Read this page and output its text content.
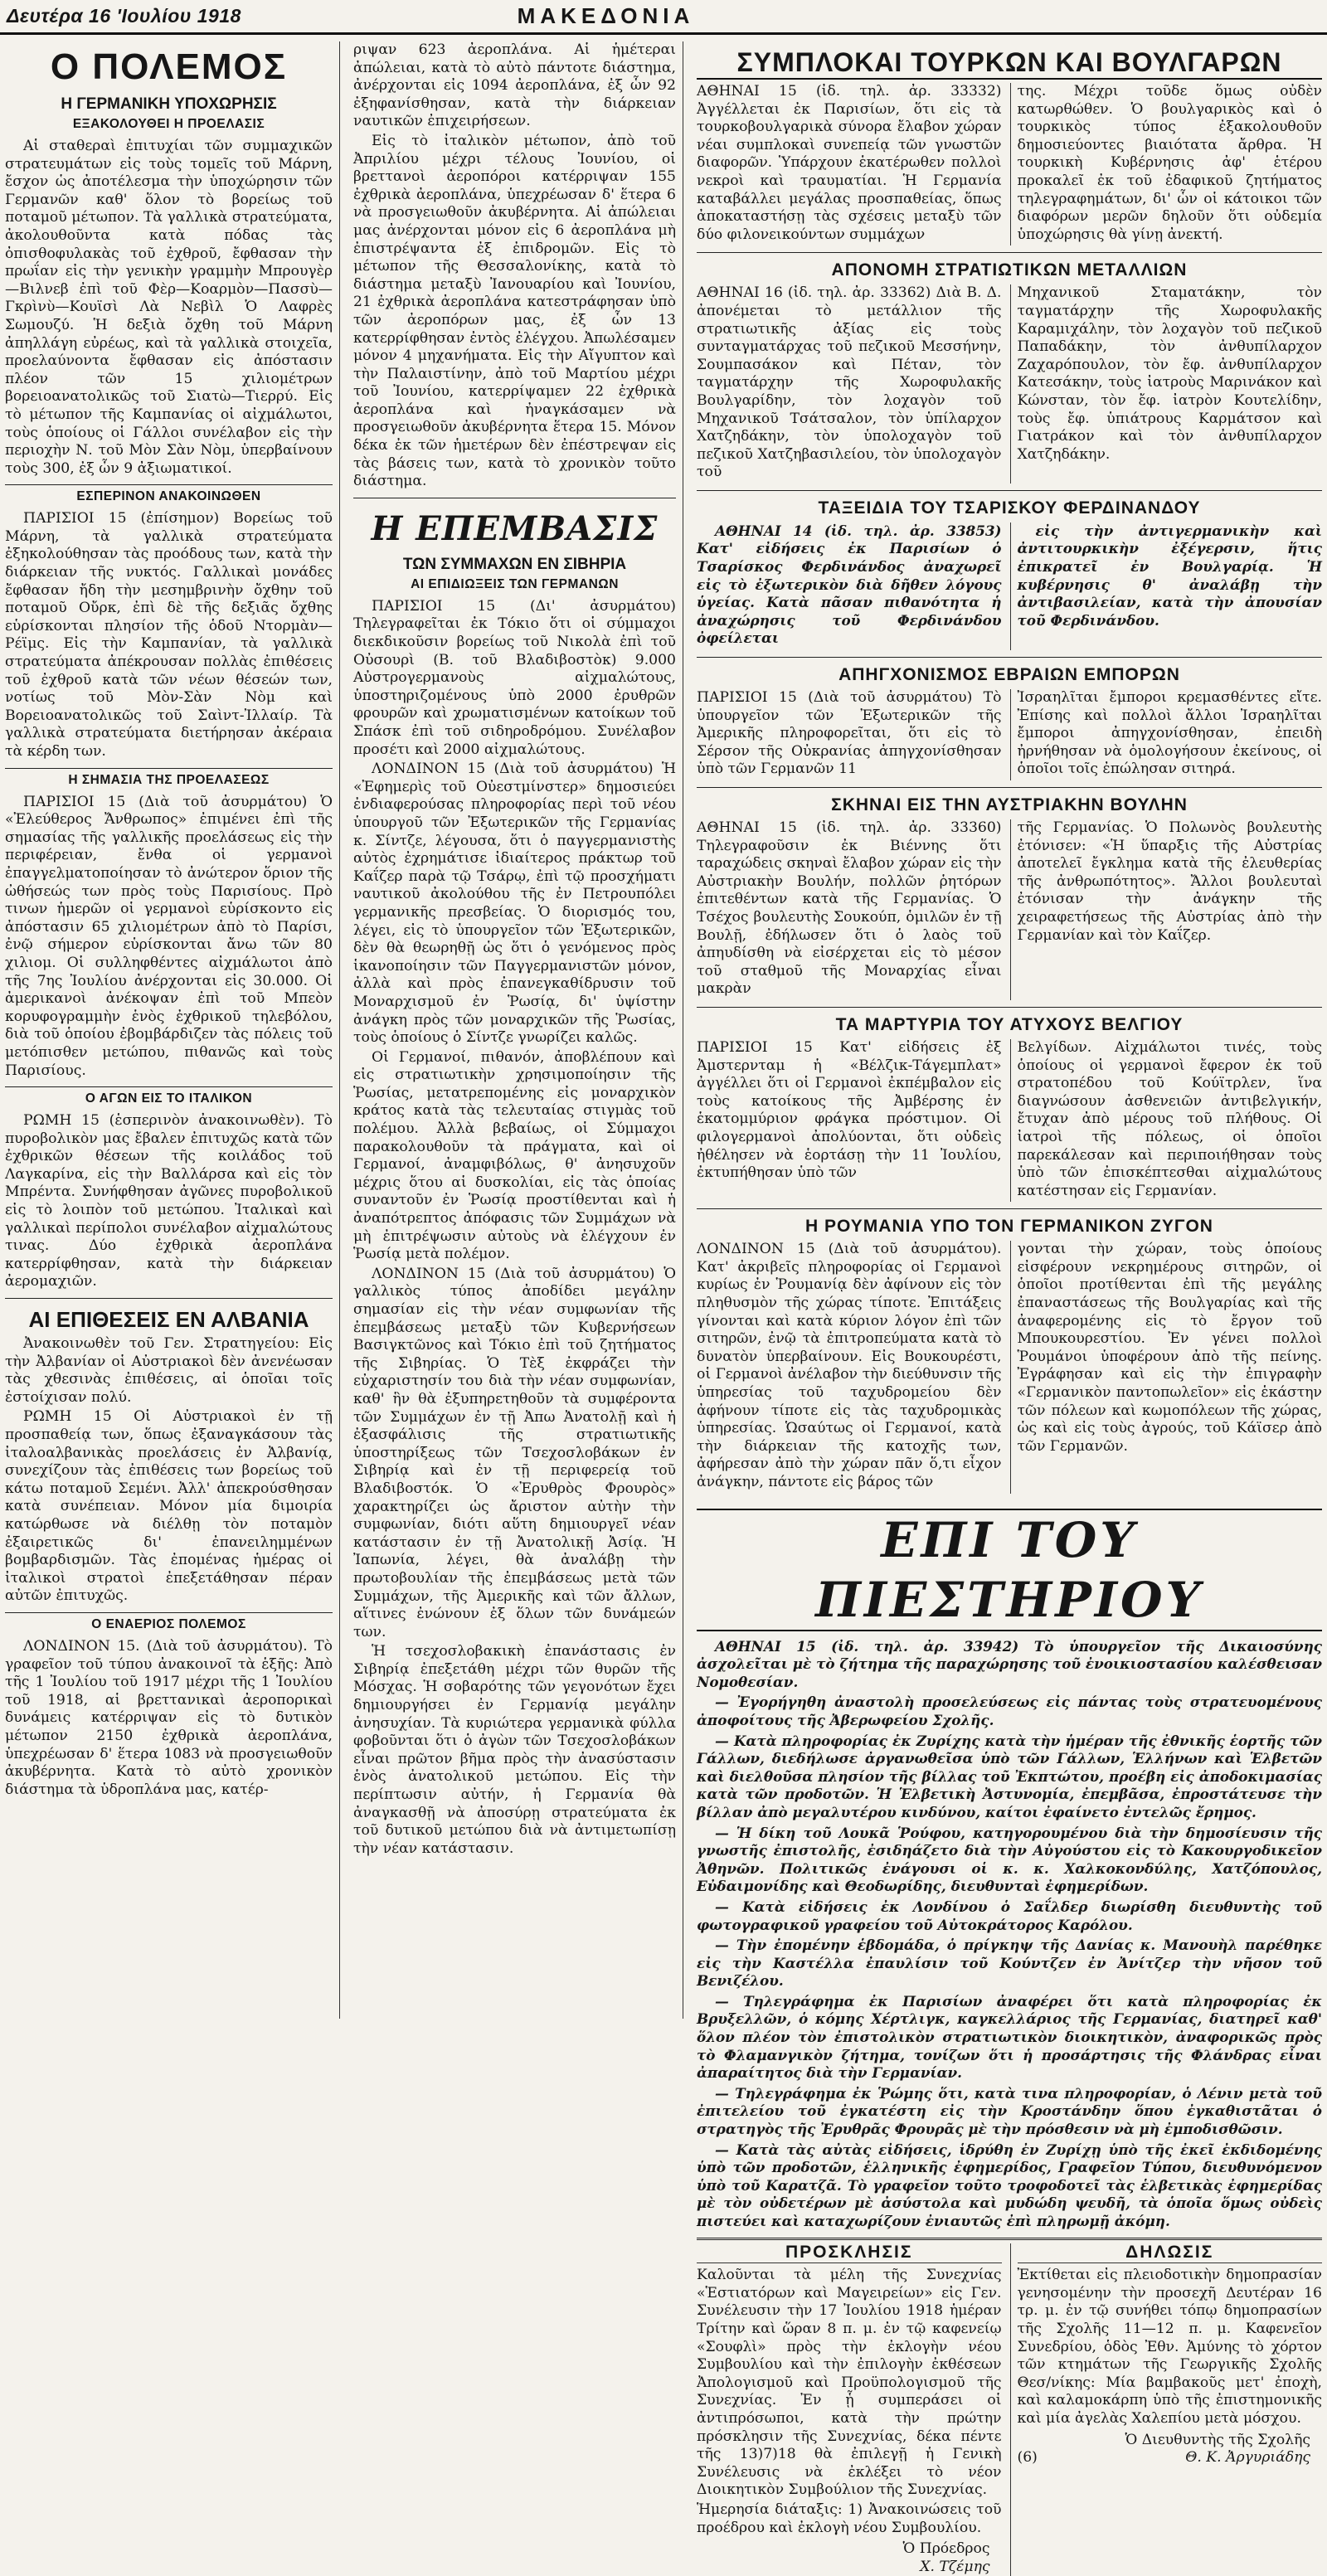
Δευτέρα 16 'Ιουλίου 1918	ΜΑΚΕΔΟΝΙΑ
Ο ΠΟΛΕΜΟΣ
Η ΓΕΡΜΑΝΙΚΗ ΥΠΟΧΩΡΗΣΙΣ
ΕΞΑΚΟΛΟΥΘΕΙ Η ΠΡΟΕΛΑΣΙΣ

Αἱ σταθεραὶ ἐπιτυχίαι τῶν συμμαχικῶν στρατευμάτων εἰς τοὺς τομεῖς τοῦ Μάρνη, ἔσχον ὡς ἀποτέλεσμα τὴν ὑποχώρησιν τῶν Γερμανῶν καθ' ὅλον τὸ βορείως τοῦ ποταμοῦ μέτωπον. Τὰ γαλλικὰ στρατεύματα, ἀκολουθοῦντα κατὰ πόδας τὰς ὀπισθοφυλακὰς τοῦ ἐχθροῦ, ἔφθασαν τὴν πρωΐαν εἰς τὴν γενικὴν γραμμὴν Μπρουγὲρ—Βιλνεβ ἐπὶ τοῦ Φὲρ—Κοαρμὸν—Πασσὺ—Γκρὶνὺ—Κουϊσὶ Λὰ Νεβὶλ Ὁ Λαφρὲς Σωμουζύ. Ἡ δεξιὰ ὄχθη τοῦ Μάρνη ἀπηλλάγη εὐρέως, καὶ τὰ γαλλικὰ στοιχεῖα, προελαύνοντα ἔφθασαν εἰς ἀπόστασιν πλέον τῶν 15 χιλιομέτρων βορειοανατολικῶς τοῦ Σιατὼ—Τιερρύ. Εἰς τὸ μέτωπον τῆς Καμπανίας οἱ αἰχμάλωτοι, τοὺς ὁποίους οἱ Γάλλοι συνέλαβον εἰς τὴν περιοχὴν Ν. τοῦ Μὸν Σὰν Νὸμ, ὑπερβαίνουν τοὺς 300, ἐξ ὧν 9 ἀξιωματικοί.

ΕΣΠΕΡΙΝΟΝ ΑΝΑΚΟΙΝΩΘΕΝ

ΠΑΡΙΣΙΟΙ 15 (ἐπίσημον) Βορείως τοῦ Μάρνη, τὰ γαλλικὰ στρατεύματα ἐξηκολούθησαν τὰς προόδους των, κατὰ τὴν διάρκειαν τῆς νυκτός. Γαλλικαὶ μονάδες ἔφθασαν ἤδη τὴν μεσημβρινὴν ὄχθην τοῦ ποταμοῦ Οὔρκ, ἐπὶ δὲ τῆς δεξιᾶς ὄχθης εὑρίσκονται πλησίον τῆς ὁδοῦ Ντορμὰν—Ρέϊμς. Εἰς τὴν Καμπανίαν, τὰ γαλλικὰ στρατεύματα ἀπέκρουσαν πολλὰς ἐπιθέσεις τοῦ ἐχθροῦ κατὰ τῶν νέων θέσεών των, νοτίως τοῦ Μὸν-Σὰν Νὸμ καὶ Βορειοανατολικῶς τοῦ Σαὶντ-Ἰλλαίρ. Τὰ γαλλικὰ στρατεύματα διετήρησαν ἀκέραια τὰ κέρδη των.

Η ΣΗΜΑΣΙΑ ΤΗΣ ΠΡΟΕΛΑΣΕΩΣ

ΠΑΡΙΣΙΟΙ 15 (Διὰ τοῦ ἀσυρμάτου) Ὁ «Ἐλεύθερος Ἄνθρωπος» ἐπιμένει ἐπὶ τῆς σημασίας τῆς γαλλικῆς προελάσεως εἰς τὴν περιφέρειαν, ἔνθα οἱ γερμανοὶ ἐπαγγελματοποίησαν τὸ ἀνώτερον ὅριον τῆς ὠθήσεώς των πρὸς τοὺς Παρισίους. Πρὸ τινων ἡμερῶν οἱ γερμανοὶ εὑρίσκοντο εἰς ἀπόστασιν 65 χιλιομέτρων ἀπὸ τὸ Παρίσι, ἐνῷ σήμερον εὑρίσκονται ἄνω τῶν 80 χιλιομ. Οἱ συλληφθέντες αἰχμάλωτοι ἀπὸ τῆς 7ης Ἰουλίου ἀνέρχονται εἰς 30.000. Οἱ ἀμερικανοὶ ἀνέκοψαν ἐπὶ τοῦ Μπεὸν κορυφογραμμὴν ἑνὸς ἐχθρικοῦ τηλεβόλου, διὰ τοῦ ὁποίου ἐβομβάρδιζεν τὰς πόλεις τοῦ μετόπισθεν μετώπου, πιθανῶς καὶ τοὺς Παρισίους.

Ο ΑΓΩΝ ΕΙΣ ΤΟ ΙΤΑΛΙΚΟΝ

ΡΩΜΗ 15 (ἑσπερινὸν ἀνακοινωθὲν). Τὸ πυροβολικὸν μας ἔβαλεν ἐπιτυχῶς κατὰ τῶν ἐχθρικῶν θέσεων τῆς κοιλάδος τοῦ Λαγκαρίνα, εἰς τὴν Βαλλάρσα καὶ εἰς τὸν Μπρέντα. Συνήφθησαν ἀγῶνες πυροβολικοῦ εἰς τὸ λοιπὸν τοῦ μετώπου. Ἰταλικαὶ καὶ γαλλικαὶ περίπολοι συνέλαβον αἰχμαλώτους τινας. Δύο ἐχθρικὰ ἀεροπλάνα κατερρίφθησαν, κατὰ τὴν διάρκειαν ἀερομαχιῶν.

ΑΙ ΕΠΙΘΕΣΕΙΣ ΕΝ ΑΛΒΑΝΙΑ

Ἀνακοινωθὲν τοῦ Γεν. Στρατηγείου: Εἰς τὴν Ἀλβανίαν οἱ Αὐστριακοὶ δὲν ἀνενέωσαν τὰς χθεσινὰς ἐπιθέσεις, αἱ ὁποῖαι τοῖς ἐστοίχισαν πολύ.

ΡΩΜΗ 15 Οἱ Αὐστριακοὶ ἐν τῇ προσπαθείᾳ των, ὅπως ἐξαναγκάσουν τὰς ἰταλοαλβανικὰς προελάσεις ἐν Ἀλβανίᾳ, συνεχίζουν τὰς ἐπιθέσεις των βορείως τοῦ κάτω ποταμοῦ Σεμένι. Ἀλλ' ἀπεκρούσθησαν κατὰ συνέπειαν. Μόνον μία διμοιρία κατώρθωσε νὰ διέλθῃ τὸν ποταμὸν ἐξαιρετικῶς δι' ἐπανειλημμένων βομβαρδισμῶν. Τὰς ἐπομένας ἡμέρας οἱ ἰταλικοὶ στρατοὶ ἐπεξετάθησαν πέραν αὐτῶν ἐπιτυχῶς.

Ο ΕΝΑΕΡΙΟΣ ΠΟΛΕΜΟΣ

ΛΟΝΔΙΝΟΝ 15. (Διὰ τοῦ ἀσυρμάτου). Τὸ γραφεῖον τοῦ τύπου ἀνακοινοῖ τὰ ἑξῆς: Ἀπὸ τῆς 1 Ἰουλίου τοῦ 1917 μέχρι τῆς 1 Ἰουλίου τοῦ 1918, αἱ βρεττανικαὶ ἀεροπορικαὶ δυνάμεις κατέρριψαν εἰς τὸ δυτικὸν μέτωπον 2150 ἐχθρικὰ ἀεροπλάνα, ὑπεχρέωσαν δ' ἕτερα 1083 νὰ προσγειωθοῦν ἀκυβέρνητα. Κατὰ τὸ αὐτὸ χρονικὸν διάστημα τὰ ὑδροπλάνα μας, κατέρ-

ριψαν 623 ἀεροπλάνα. Αἱ ἡμέτεραι ἀπώλειαι, κατὰ τὸ αὐτὸ πάντοτε διάστημα, ἀνέρχονται εἰς 1094 ἀεροπλάνα, ἐξ ὧν 92 ἐξηφανίσθησαν, κατὰ τὴν διάρκειαν ναυτικῶν ἐπιχειρήσεων.

Εἰς τὸ ἰταλικὸν μέτωπον, ἀπὸ τοῦ Ἀπριλίου μέχρι τέλους Ἰουνίου, οἱ βρεττανοὶ ἀεροπόροι κατέρριψαν 155 ἐχθρικὰ ἀεροπλάνα, ὑπεχρέωσαν δ' ἕτερα 6 νὰ προσγειωθοῦν ἀκυβέρνητα. Αἱ ἀπώλειαι μας ἀνέρχονται μόνον εἰς 6 ἀεροπλάνα μὴ ἐπιστρέψαντα ἐξ ἐπιδρομῶν. Εἰς τὸ μέτωπον τῆς Θεσσαλονίκης, κατὰ τὸ διάστημα μεταξὺ Ἰανουαρίου καὶ Ἰουνίου, 21 ἐχθρικὰ ἀεροπλάνα κατεστράφησαν ὑπὸ τῶν ἀεροπόρων μας, ἐξ ὧν 13 κατερρίφθησαν ἐντὸς ἐλέγχου. Ἀπωλέσαμεν μόνον 4 μηχανήματα. Εἰς τὴν Αἴγυπτον καὶ τὴν Παλαιστίνην, ἀπὸ τοῦ Μαρτίου μέχρι τοῦ Ἰουνίου, κατερρίψαμεν 22 ἐχθρικὰ ἀεροπλάνα καὶ ἠναγκάσαμεν νὰ προσγειωθοῦν ἀκυβέρνητα ἕτερα 15. Μόνον δέκα ἐκ τῶν ἡμετέρων δὲν ἐπέστρεψαν εἰς τὰς βάσεις των, κατὰ τὸ χρονικὸν τοῦτο διάστημα.

Η ΕΠΕΜΒΑΣΙΣ
ΤΩΝ ΣΥΜΜΑΧΩΝ ΕΝ ΣΙΒΗΡΙΑ
ΑΙ ΕΠΙΔΙΩΞΕΙΣ ΤΩΝ ΓΕΡΜΑΝΩΝ

ΠΑΡΙΣΙΟΙ 15 (Δι' ἀσυρμάτου) Τηλεγραφεῖται ἐκ Τόκιο ὅτι οἱ σύμμαχοι διεκδικοῦσιν βορείως τοῦ Νικολὰ ἐπὶ τοῦ Οὐσουρὶ (Β. τοῦ Βλαδιβοστὸκ) 9.000 Αὐστρογερμανοὺς αἰχμαλώτους, ὑποστηριζομένους ὑπὸ 2000 ἐρυθρῶν φρουρῶν καὶ χρωματισμένων κατοίκων τοῦ Σπάσκ ἐπὶ τοῦ σιδηροδρόμου. Συνέλαβον προσέτι καὶ 2000 αἰχμαλώτους.

ΛΟΝΔΙΝΟΝ 15 (Διὰ τοῦ ἀσυρμάτου) Ἡ «Ἐφημερὶς τοῦ Οὐεστμίνστερ» δημοσιεύει ἐνδιαφερούσας πληροφορίας περὶ τοῦ νέου ὑπουργοῦ τῶν Ἐξωτερικῶν τῆς Γερμανίας κ. Σίντζε, λέγουσα, ὅτι ὁ παγγερμανιστὴς αὐτὸς ἐχρημάτισε ἰδιαίτερος πράκτωρ τοῦ Καΐζερ παρὰ τῷ Τσάρῳ, ἐπὶ τῷ προσχήματι ναυτικοῦ ἀκολούθου τῆς ἐν Πετρουπόλει γερμανικῆς πρεσβείας. Ὁ διορισμός του, λέγει, εἰς τὸ ὑπουργεῖον τῶν Ἐξωτερικῶν, δὲν θὰ θεωρηθῇ ὡς ὅτι ὁ γενόμενος πρὸς ἱκανοποίησιν τῶν Παγγερμανιστῶν μόνον, ἀλλὰ καὶ πρὸς ἐπανεγκαθίδρυσιν τοῦ Μοναρχισμοῦ ἐν Ῥωσίᾳ, δι' ὑψίστην ἀνάγκη πρὸς τῶν μοναρχικῶν τῆς Ῥωσίας, τοὺς ὁποίους ὁ Σίντζε γνωρίζει καλῶς.

Οἱ Γερμανοί, πιθανόν, ἀποβλέπουν καὶ εἰς στρατιωτικὴν χρησιμοποίησιν τῆς Ῥωσίας, μετατρεπομένης εἰς μοναρχικὸν κράτος κατὰ τὰς τελευταίας στιγμὰς τοῦ πολέμου. Ἀλλὰ βεβαίως, οἱ Σύμμαχοι παρακολουθοῦν τὰ πράγματα, καὶ οἱ Γερμανοί, ἀναμφιβόλως, θ' ἀνησυχοῦν μέχρις ὅτου αἱ δυσκολίαι, εἰς τὰς ὁποίας συναντοῦν ἐν Ῥωσίᾳ προστίθενται καὶ ἡ ἀναπότρεπτος ἀπόφασις τῶν Συμμάχων νὰ μὴ ἐπιτρέψωσιν αὐτοὺς νὰ ἐλέγχουν ἐν Ῥωσίᾳ μετὰ πολέμον.

ΛΟΝΔΙΝΟΝ 15 (Διὰ τοῦ ἀσυρμάτου) Ὁ γαλλικὸς τύπος ἀποδίδει μεγάλην σημασίαν εἰς τὴν νέαν συμφωνίαν τῆς ἐπεμβάσεως μεταξὺ τῶν Κυβερνήσεων Βασιγκτῶνος καὶ Τόκιο ἐπὶ τοῦ ζητήματος τῆς Σιβηρίας. Ὁ Τὲξ ἐκφράζει τὴν εὐχαριστησίν του διὰ τὴν νέαν συμφωνίαν, καθ' ἣν θὰ ἐξυπηρετηθοῦν τὰ συμφέροντα τῶν Συμμάχων ἐν τῇ Ἀπω Ἀνατολῇ καὶ ἡ ἐξασφάλισις τῆς στρατιωτικῆς ὑποστηρίξεως τῶν Τσεχοσλοβάκων ἐν Σιβηρίᾳ καὶ ἐν τῇ περιφερείᾳ τοῦ Βλαδιβοστόκ. Ὁ «Ἐρυθρὸς Φρουρὸς» χαρακτηρίζει ὡς ἄριστον αὐτὴν τὴν συμφωνίαν, διότι αὕτη δημιουργεῖ νέαν κατάστασιν ἐν τῇ Ἀνατολικῇ Ἀσίᾳ. Ἡ Ἰαπωνία, λέγει, θὰ ἀναλάβῃ τὴν πρωτοβουλίαν τῆς ἐπεμβάσεως μετὰ τῶν Συμμάχων, τῆς Ἀμερικῆς καὶ τῶν ἄλλων, αἵτινες ἐνώνουν ἐξ ὅλων τῶν δυνάμεών των.

Ἡ τσεχοσλοβακικὴ ἐπανάστασις ἐν Σιβηρίᾳ ἐπεξετάθη μέχρι τῶν θυρῶν τῆς Μόσχας. Ἡ σοβαρότης τῶν γεγονότων ἔχει δημιουργήσει ἐν Γερμανίᾳ μεγάλην ἀνησυχίαν. Τὰ κυριώτερα γερμανικὰ φύλλα φοβοῦνται ὅτι ὁ ἀγὼν τῶν Τσεχοσλοβάκων εἶναι πρῶτον βῆμα πρὸς τὴν ἀνασύστασιν ἑνὸς ἀνατολικοῦ μετώπου. Εἰς τὴν περίπτωσιν αὐτήν, ἡ Γερμανία θὰ ἀναγκασθῇ νὰ ἀποσύρῃ στρατεύματα ἐκ τοῦ δυτικοῦ μετώπου διὰ νὰ ἀντιμετωπίσῃ τὴν νέαν κατάστασιν.

ΣΥΜΠΛΟΚΑΙ ΤΟΥΡΚΩΝ ΚΑΙ ΒΟΥΛΓΑΡΩΝ

ΑΘΗΝΑΙ 15 (ἰδ. τηλ. ἀρ. 33332) Ἀγγέλλεται ἐκ Παρισίων, ὅτι εἰς τὰ τουρκοβουλγαρικὰ σύνορα ἔλαβον χώραν νέαι συμπλοκαὶ συνεπείᾳ τῶν γνωστῶν διαφορῶν. Ὑπάρχουν ἑκατέρωθεν πολλοὶ νεκροὶ καὶ τραυματίαι. Ἡ Γερμανία καταβάλλει μεγάλας προσπαθείας, ὅπως ἀποκαταστήσῃ τὰς σχέσεις μεταξὺ τῶν δύο φιλονεικούντων συμμάχων

της. Μέχρι τοῦδε ὅμως οὐδὲν κατωρθώθεν. Ὁ βουλγαρικὸς καὶ ὁ τουρκικὸς τύπος ἐξακολουθοῦν δημοσιεύοντες βιαιότατα ἄρθρα. Ἡ τουρκικὴ Κυβέρνησις ἀφ' ἑτέρου προκαλεῖ ἐκ τοῦ ἐδαφικοῦ ζητήματος τηλεγραφημάτων, δι' ὧν οἱ κάτοικοι τῶν διαφόρων μερῶν δηλοῦν ὅτι οὐδεμία ὑποχώρησις θὰ γίνῃ ἀνεκτή.

ΑΠΟΝΟΜΗ ΣΤΡΑΤΙΩΤΙΚΩΝ ΜΕΤΑΛΛΙΩΝ

ΑΘΗΝΑΙ 16 (ἰδ. τηλ. ἀρ. 33362) Διὰ Β. Δ. ἀπονέμεται τὸ μετάλλιον τῆς στρατιωτικῆς ἀξίας εἰς τοὺς συνταγματάρχας τοῦ πεζικοῦ Μεσσήνην, Σουμπασάκον καὶ Πέταν, τὸν ταγματάρχην τῆς Χωροφυλακῆς Βουλγαρίδην, τὸν λοχαγὸν τοῦ Μηχανικοῦ Τσάτσαλον, τὸν ὑπίλαρχον Χατζηδάκην, τὸν ὑπολοχαγὸν τοῦ πεζικοῦ Χατζηβασιλείου, τὸν ὑπολοχαγὸν τοῦ

Μηχανικοῦ Σταματάκην, τὸν ταγματάρχην τῆς Χωροφυλακῆς Καραμιχάλην, τὸν λοχαγὸν τοῦ πεζικοῦ Παπαδάκην, τὸν ἀνθυπίλαρχον Ζαχαρόπουλον, τὸν ἔφ. ἀνθυπίλαρχον Κατεσάκην, τοὺς ἰατροὺς Μαρινάκον καὶ Κώνσταν, τὸν ἔφ. ἰατρὸν Κουτελίδην, τοὺς ἔφ. ὑπιάτρους Καρμάτσον καὶ Γιατράκον καὶ τὸν ἀνθυπίλαρχον Χατζηδάκην.

ΤΑΞΕΙΔΙΑ ΤΟΥ ΤΣΑΡΙΣΚΟΥ ΦΕΡΔΙΝΑΝΔΟΥ

ΑΘΗΝΑΙ 14 (ἰδ. τηλ. ἀρ. 33853) Κατ' εἰδήσεις ἐκ Παρισίων ὁ Τσαρίσκος Φερδινάνδος ἀναχωρεῖ εἰς τὸ ἐξωτερικὸν διὰ δῆθεν λόγους ὑγείας. Κατὰ πᾶσαν πιθανότητα ἡ ἀναχώρησις τοῦ Φερδινάνδου ὀφείλεται

εἰς τὴν ἀντιγερμανικὴν καὶ ἀντιτουρκικὴν ἐξέγερσιν, ἥτις ἐπικρατεῖ ἐν Βουλγαρίᾳ. Ἡ κυβέρνησις θ' ἀναλάβῃ τὴν ἀντιβασιλείαν, κατὰ τὴν ἀπουσίαν τοῦ Φερδινάνδου.

ΑΠΗΓΧΟΝΙΣΜΟΣ ΕΒΡΑΙΩΝ ΕΜΠΟΡΩΝ

ΠΑΡΙΣΙΟΙ 15 (Διὰ τοῦ ἀσυρμάτου) Τὸ ὑπουργεῖον τῶν Ἐξωτερικῶν τῆς Ἀμερικῆς πληροφορεῖται, ὅτι εἰς τὸ Σέρσον τῆς Οὐκρανίας ἀπηγχονίσθησαν ὑπὸ τῶν Γερμανῶν 11

Ἰσραηλῖται ἔμποροι κρεμασθέντες εἴτε. Ἐπίσης καὶ πολλοὶ ἄλλοι Ἰσραηλῖται ἔμποροι ἀπηγχονίσθησαν, ἐπειδὴ ἠρνήθησαν νὰ ὁμολογήσουν ἐκείνους, οἱ ὁποῖοι τοῖς ἐπώλησαν σιτηρά.

ΣΚΗΝΑΙ ΕΙΣ ΤΗΝ ΑΥΣΤΡΙΑΚΗΝ ΒΟΥΛΗΝ

ΑΘΗΝΑΙ 15 (ἰδ. τηλ. ἀρ. 33360) Τηλεγραφοῦσιν ἐκ Βιέννης ὅτι ταραχώδεις σκηναὶ ἔλαβον χώραν εἰς τὴν Αὐστριακὴν Βουλήν, πολλῶν ῥητόρων ἐπιτεθέντων κατὰ τῆς Γερμανίας. Ὁ Τσέχος βουλευτὴς Σουκούπ, ὁμιλῶν ἐν τῇ Βουλῇ, ἐδήλωσεν ὅτι ὁ λαὸς τοῦ ἀπηυδίσθη νὰ εἰσέρχεται εἰς τὸ μέσον τοῦ σταθμοῦ τῆς Μοναρχίας εἶναι μακρὰν

τῆς Γερμανίας. Ὁ Πολωνὸς βουλευτὴς ἐτόνισεν: «Ἡ ὕπαρξις τῆς Αὐστρίας ἀποτελεῖ ἔγκλημα κατὰ τῆς ἐλευθερίας τῆς ἀνθρωπότητος». Ἄλλοι βουλευταὶ ἐτόνισαν τὴν ἀνάγκην τῆς χειραφετήσεως τῆς Αὐστρίας ἀπὸ τὴν Γερμανίαν καὶ τὸν Καΐζερ.

ΤΑ ΜΑΡΤΥΡΙΑ ΤΟΥ ΑΤΥΧΟΥΣ ΒΕΛΓΙΟΥ

ΠΑΡΙΣΙΟΙ 15 Κατ' εἰδήσεις ἐξ Ἀμστερνταμ ἡ «Βέλζικ-Τάγεμπλατ» ἀγγέλλει ὅτι οἱ Γερμανοὶ ἐκπέμβαλον εἰς τοὺς κατοίκους τῆς Ἀμβέρσης ἐν ἑκατομμύριον φράγκα πρόστιμον. Οἱ φιλογερμανοὶ ἀπολύονται, ὅτι οὐδεὶς ἠθέλησεν νὰ ἑορτάσῃ τὴν 11 Ἰουλίου, ἐκτυπήθησαν ὑπὸ τῶν

Βελγίδων. Αἰχμάλωτοι τινές, τοὺς ὁποίους οἱ γερμανοὶ ἔφερον ἐκ τοῦ στρατοπέδου τοῦ Κούϊτρλεν, ἵνα διαγνώσουν ἀσθενειῶν ἀντιβελγικήν, ἔτυχαν ἀπὸ μέρους τοῦ πλήθους. Οἱ ἰατροὶ τῆς πόλεως, οἱ ὁποῖοι παρεκάλεσαν καὶ περιποιήθησαν τοὺς ὑπὸ τῶν ἐπισκέπτεσθαι αἰχμαλώτους κατέστησαν εἰς Γερμανίαν.

Η ΡΟΥΜΑΝΙΑ ΥΠΟ ΤΟΝ ΓΕΡΜΑΝΙΚΟΝ ΖΥΓΟΝ

ΛΟΝΔΙΝΟΝ 15 (Διὰ τοῦ ἀσυρμάτου). Κατ' ἀκριβεῖς πληροφορίας οἱ Γερμανοὶ κυρίως ἐν Ῥουμανίᾳ δὲν ἀφίνουν εἰς τὸν πληθυσμὸν τῆς χώρας τίποτε. Ἐπιτάξεις γίνονται καὶ κατὰ κύριον λόγον ἐπὶ τῶν σιτηρῶν, ἐνῷ τὰ ἐπιτροπεύματα κατὰ τὸ δυνατὸν ὑπερβαίνουν. Εἰς Βουκουρέστι, οἱ Γερμανοὶ ἀνέλαβον τὴν διεύθυνσιν τῆς ὑπηρεσίας τοῦ ταχυδρομείου δὲν ἀφήνουν τίποτε εἰς τὰς ταχυδρομικὰς ὑπηρεσίας. Ὡσαύτως οἱ Γερμανοί, κατὰ τὴν διάρκειαν τῆς κατοχῆς των, ἀφήρεσαν ἀπὸ τὴν χώραν πᾶν ὅ,τι εἶχον ἀνάγκην, πάντοτε εἰς βάρος τῶν

γονται τὴν χώραν, τοὺς ὁποίους εἰσφέρουν νεκρημέρους σιτηρῶν, οἱ ὁποῖοι προτίθενται ἐπὶ τῆς μεγάλης ἐπαναστάσεως τῆς Βουλγαρίας καὶ τῆς ἀναφερομένης εἰς τὸ ἔργον τοῦ Μπουκουρεστίου. Ἐν γένει πολλοὶ Ῥουμάνοι ὑποφέρουν ἀπὸ τῆς πείνης. Ἐγράφησαν καὶ εἰς τὴν ἐπιγραφὴν «Γερμανικὸν παντοπωλεῖον» εἰς ἑκάστην τῶν πόλεων καὶ κωμοπόλεων τῆς χώρας, ὡς καὶ εἰς τοὺς ἀγρούς, τοῦ Κάϊσερ ἀπὸ τῶν Γερμανῶν.

ΕΠΙ ΤΟΥ ΠΙΕΣΤΗΡΙΟΥ

ΑΘΗΝΑΙ 15 (ἰδ. τηλ. ἀρ. 33942) Τὸ ὑπουργεῖον τῆς Δικαιοσύνης ἀσχολεῖται μὲ τὸ ζήτημα τῆς παραχώρησης τοῦ ἐνοικιοστασίου καλέσθεισαν Νομοθεσίαν.

— Ἐγορήγηθη ἀναστολὴ προσελεύσεως εἰς πάντας τοὺς στρατευομένους ἀποφοίτους τῆς Ἀβερωφείου Σχολῆς.

— Κατὰ πληροφορίας ἐκ Ζυρίχης κατὰ τὴν ἡμέραν τῆς ἐθνικῆς ἑορτῆς τῶν Γάλλων, διεδήλωσε ἀργανωθεῖσα ὑπὸ τῶν Γάλλων, Ἑλλήνων καὶ Ἑλβετῶν καὶ διελθοῦσα πλησίον τῆς βίλλας τοῦ Ἐκπτώτου, προέβη εἰς ἀποδοκιμασίας κατὰ τῶν προδοτῶν. Ἡ Ἑλβετικὴ Ἀστυνομία, ἐπεμβᾶσα, ἐπροστάτευσε τὴν βίλλαν ἀπὸ μεγαλυτέρου κινδύνου, καίτοι ἐφαίνετο ἐντελῶς ἔρημος.

— Ἡ δίκη τοῦ Λουκᾶ Ῥούφου, κατηγορουμένου διὰ τὴν δημοσίευσιν τῆς γνωστῆς ἐπιστολῆς, ἐσιδηάζετο διὰ τὴν Αὐγούστου εἰς τὸ Κακουργοδικεῖον Ἀθηνῶν. Πολιτικῶς ἐνάγουσι οἱ κ. κ. Χαλκοκονδύλης, Χατζόπουλος, Εὐδαιμονίδης καὶ Θεοδωρίδης, διευθυνταὶ ἐφημερίδων.

— Κατὰ εἰδήσεις ἐκ Λονδίνου ὁ Σαΐλδερ διωρίσθη διευθυντὴς τοῦ φωτογραφικοῦ γραφείου τοῦ Αὐτοκράτορος Καρόλου.

— Τὴν ἐπομένην ἑβδομάδα, ὁ πρίγκηψ τῆς Δανίας κ. Μανουὴλ παρέθηκε εἰς τὴν Καστέλλα ἐπαυλίσιν τοῦ Κούντζεν ἐν Ἀνίτζερ τὴν νῆσον τοῦ Βενιζέλου.

— Τηλεγράφημα ἐκ Παρισίων ἀναφέρει ὅτι κατὰ πληροφορίας ἐκ Βρυξελλῶν, ὁ κόμης Χέρτλιγκ, καγκελλάριος τῆς Γερμανίας, διατηρεῖ καθ' ὅλον πλέον τὸν ἐπιστολικὸν στρατιωτικὸν διοικητικὸν, ἀναφορικῶς πρὸς τὸ Φλαμανγικὸν ζήτημα, τονίζων ὅτι ἡ προσάρτησις τῆς Φλάνδρας εἶναι ἀπαραίτητος διὰ τὴν Γερμανίαν.

— Τηλεγράφημα ἐκ Ῥώμης ὅτι, κατὰ τινα πληροφορίαν, ὁ Λένιν μετὰ τοῦ ἐπιτελείου τοῦ ἐγκατέστη εἰς τὴν Κροστάνδην ὅπου ἐγκαθιστᾶται ὁ στρατηγὸς τῆς Ἐρυθρᾶς Φρουρᾶς μὲ τὴν πρόσθεσιν νὰ μὴ ἐμποδισθῶσιν.

— Κατὰ τὰς αὐτὰς εἰδήσεις, ἱδρύθη ἐν Ζυρίχῃ ὑπὸ τῆς ἐκεῖ ἐκδιδομένης ὑπὸ τῶν προδοτῶν, ἑλληνικῆς ἐφημερίδος, Γραφεῖον Τύπου, διευθυνόμενον ὑπὸ τοῦ Καρατζᾶ. Τὸ γραφεῖον τοῦτο τροφοδοτεῖ τὰς ἑλβετικὰς ἐφημερίδας μὲ τὸν οὐδετέρων μὲ ἀσύστολα καὶ μυδώδη ψευδῆ, τὰ ὁποῖα ὅμως οὐδεὶς πιστεύει καὶ καταχωρίζουν ἐνιαυτῶς ἐπὶ πληρωμῇ ἀκόμη.

ΠΡΟΣΚΛΗΣΙΣ

Καλοῦνται τὰ μέλη τῆς Συνεχνίας «Ἑστιατόρων καὶ Μαγειρείων» εἰς Γεν. Συνέλευσιν τὴν 17 Ἰουλίου 1918 ἡμέραν Τρίτην καὶ ὥραν 8 π. μ. ἐν τῷ καφενείῳ «Σουφλὶ» πρὸς τὴν ἐκλογὴν νέου Συμβουλίου καὶ τὴν ἐπιλογὴν ἐκθέσεων Ἀπολογισμοῦ καὶ Προϋπολογισμοῦ τῆς Συνεχνίας. Ἐν ᾗ συμπεράσει οἱ ἀντιπρόσωποι, κατὰ τὴν πρώτην πρόσκλησιν τῆς Συνεχνίας, δέκα πέντε τῆς 13)7)18 θὰ ἐπιλεγῇ ἡ Γενικὴ Συνέλευσις νὰ ἐκλέξει τὸ νέον Διοικητικὸν Συμβούλιον τῆς Συνεχνίας.

Ἡμερησία διάταξις: 1) Ἀνακοινώσεις τοῦ προέδρου καὶ ἐκλογὴ νέου Συμβουλίου.

Ὁ Πρόεδρος
Χ. Τζέμης
ΔΗΛΩΣΙΣ

Ἐκτίθεται εἰς πλειοδοτικὴν δημοπρασίαν γενησομένην τὴν προσεχῆ Δευτέραν 16 τρ. μ. ἐν τῷ συνήθει τόπῳ δημοπρασίων τῆς Σχολῆς 11—12 π. μ. Καφενεῖον Συνεδρίου, ὁδὸς Ἐθν. Ἀμύνης τὸ χόρτον τῶν κτημάτων τῆς Γεωργικῆς Σχολῆς Θεσ/νίκης: Μία βαμβακοῦς μετ' ἐποχὴ, καὶ καλαμοκάρπη ὑπὸ τῆς ἐπιστημονικῆς καὶ μία ἀγελὰς Χαλεπίου μετὰ μόσχου.

Ὁ Διευθυντὴς τῆς Σχολῆς
(6)	Θ. Κ. Ἀργυριάδης
